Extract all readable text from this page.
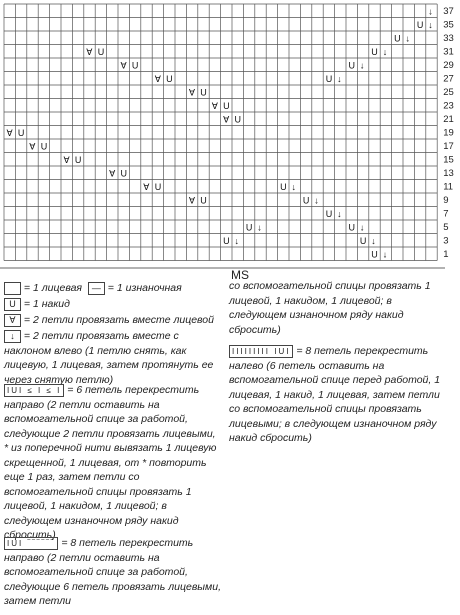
U ↓
U ↓
U ↓
U ↓
U ↓
↓
∀ U
∀ U
∀ U
∀ U
∀ U
∀ U
∀ U
∀ U
∀ U
∀ U
∀ U
∀ U
U ↓
U ↓
U ↓
U ↓
U ↓
U ↓
U ↓
U ↓
37
35
33
31
29
27
25
23
21
19
17
15
13
11
9
7
5
3
1
MS
= 1 лицевая — = 1 изнаночная
U = 1 накид
∀ = 2 петли провязать вместе лицевой
↓ = 2 петли провязать вместе с наклоном влево (1 петлю снять, как лицевую, 1 лицевая, затем протянуть ее через снятую петлю)
IUI ≤ I ≤ I = 6 петель перекрестить направо (2 петли оставить на вспомогательной спице за работой, следующие 2 петли провязать лицевыми, * из поперечной нити вывязать 1 лицевую скрещенной, 1 лицевая, от * повторить еще 1 раз, затем петли со вспомогательной спицы провязать 1 лицевой, 1 накидом, 1 лицевой; в следующем изнаночном ряду накид сбросить)
IUI ‾‾‾‾‾‾ = 8 петель перекрестить направо (2 петли оставить на вспомогательной спице за работой, следующие 6 петель провязать лицевыми, затем петли
со вспомогательной спицы провязать 1 лицевой, 1 накидом, 1 лицевой; в следующем изнаночном ряду накид сбросить)
IIIIIIIII IUI = 8 петель перекрестить налево (6 петель оставить на вспомогательной спице перед работой, 1 лицевая, 1 накид, 1 лицевая, затем петли со вспомогательной спицы провязать лицевыми; в следующем изнаночном ряду накид сбросить)
